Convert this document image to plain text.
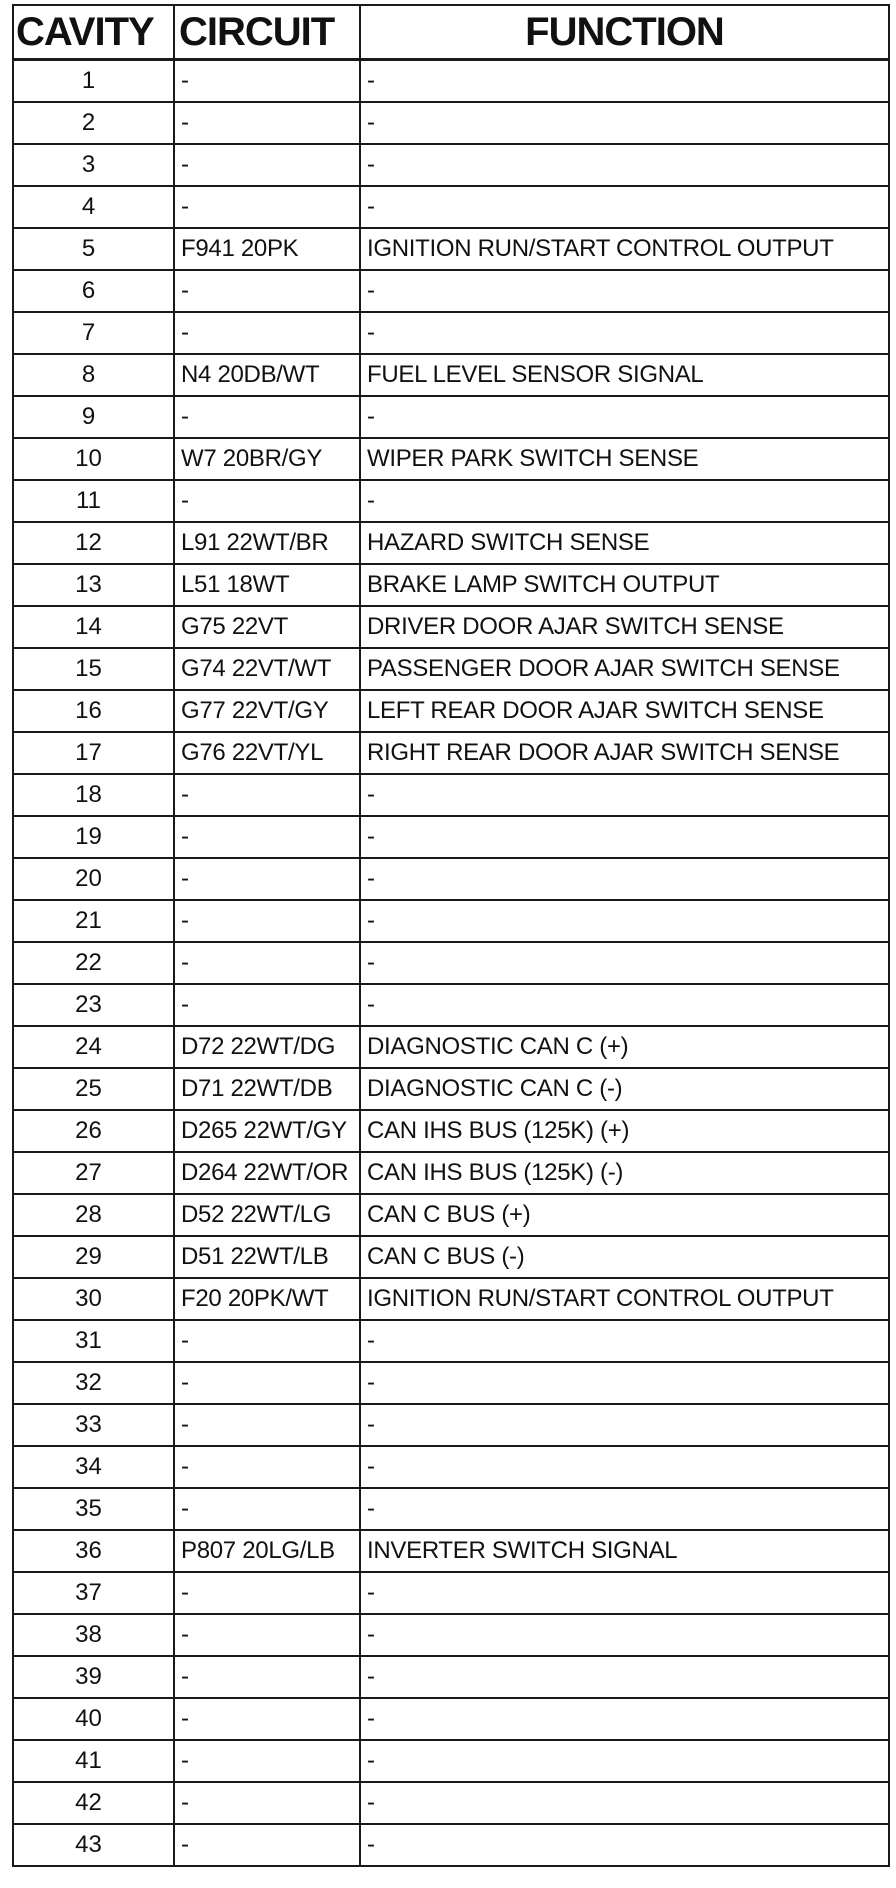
CAVITY	CIRCUIT	FUNCTION
1	-	-
2	-	-
3	-	-
4	-	-
5	F941 20PK	IGNITION RUN/START CONTROL OUTPUT
6	-	-
7	-	-
8	N4 20DB/WT	FUEL LEVEL SENSOR SIGNAL
9	-	-
10	W7 20BR/GY	WIPER PARK SWITCH SENSE
11	-	-
12	L91 22WT/BR	HAZARD SWITCH SENSE
13	L51 18WT	BRAKE LAMP SWITCH OUTPUT
14	G75 22VT	DRIVER DOOR AJAR SWITCH SENSE
15	G74 22VT/WT	PASSENGER DOOR AJAR SWITCH SENSE
16	G77 22VT/GY	LEFT REAR DOOR AJAR SWITCH SENSE
17	G76 22VT/YL	RIGHT REAR DOOR AJAR SWITCH SENSE
18	-	-
19	-	-
20	-	-
21	-	-
22	-	-
23	-	-
24	D72 22WT/DG	DIAGNOSTIC CAN C (+)
25	D71 22WT/DB	DIAGNOSTIC CAN C (-)
26	D265 22WT/GY	CAN IHS BUS (125K) (+)
27	D264 22WT/OR	CAN IHS BUS (125K) (-)
28	D52 22WT/LG	CAN C BUS (+)
29	D51 22WT/LB	CAN C BUS (-)
30	F20 20PK/WT	IGNITION RUN/START CONTROL OUTPUT
31	-	-
32	-	-
33	-	-
34	-	-
35	-	-
36	P807 20LG/LB	INVERTER SWITCH SIGNAL
37	-	-
38	-	-
39	-	-
40	-	-
41	-	-
42	-	-
43	-	-
